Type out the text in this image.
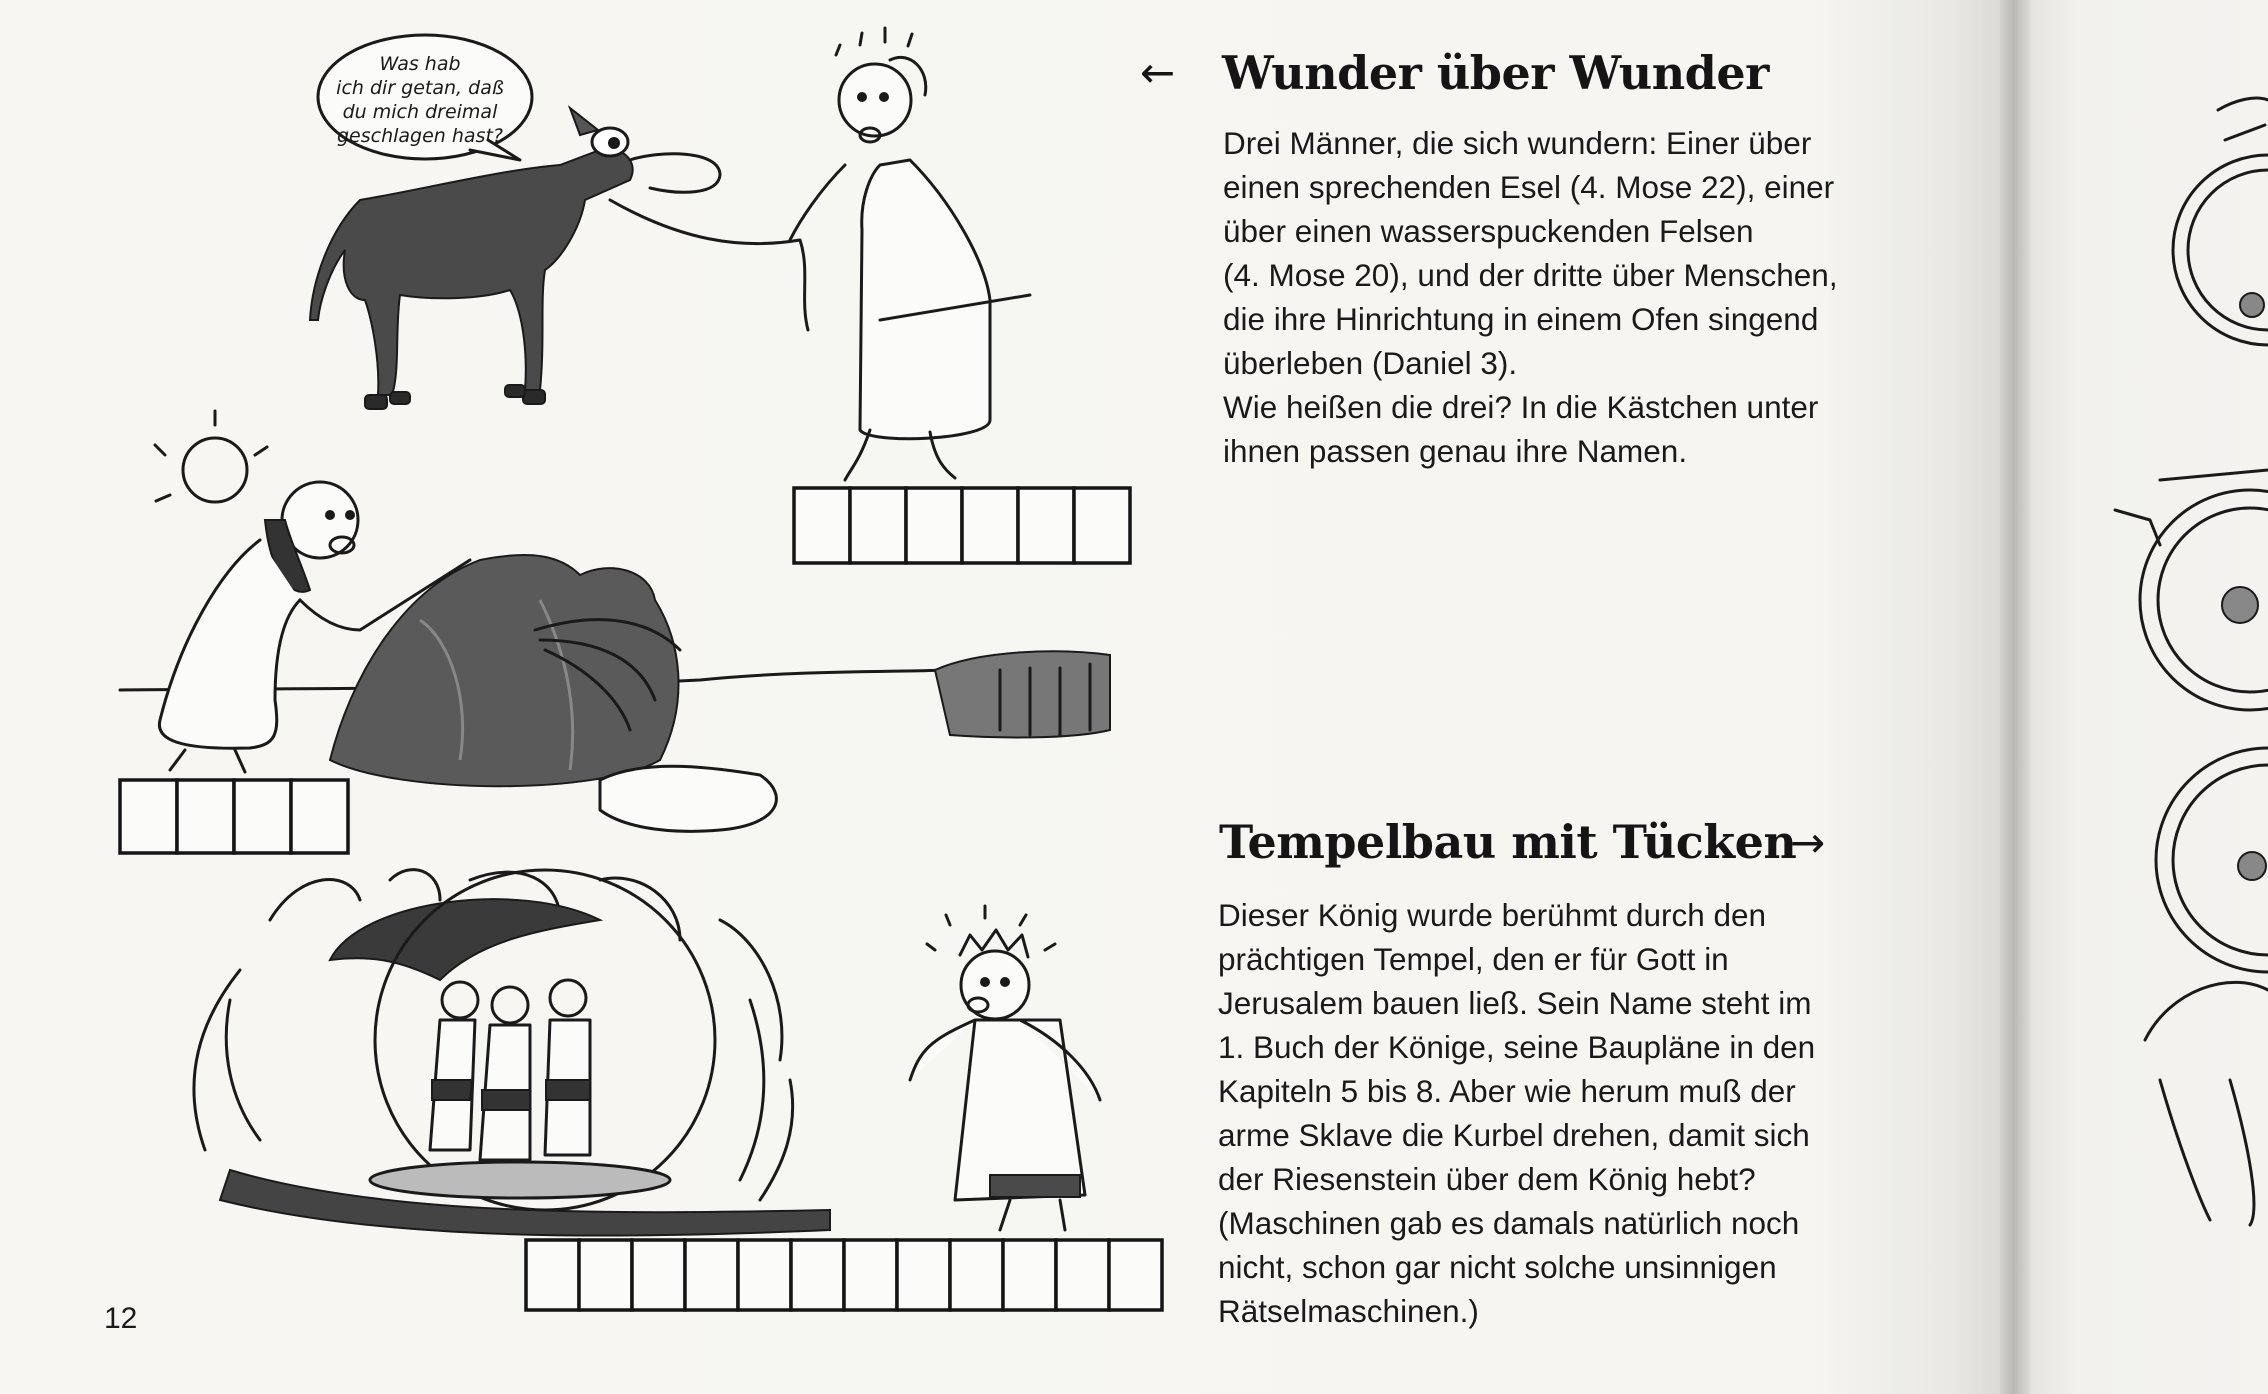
Was hab ich dir getan, daß du mich dreimal geschlagen hast?
← Wunder über Wunder
Drei Männer, die sich wundern: Einer über
einen sprechenden Esel (4. Mose 22), einer
über einen wasserspuckenden Felsen
(4. Mose 20), und der dritte über Menschen,
die ihre Hinrichtung in einem Ofen singend
überleben (Daniel 3).
Wie heißen die drei? In die Kästchen unter
ihnen passen genau ihre Namen.
Tempelbau mit Tücken
→
Dieser König wurde berühmt durch den
prächtigen Tempel, den er für Gott in
Jerusalem bauen ließ. Sein Name steht im
1. Buch der Könige, seine Baupläne in den
Kapiteln 5 bis 8. Aber wie herum muß der
arme Sklave die Kurbel drehen, damit sich
der Riesenstein über dem König hebt?
(Maschinen gab es damals natürlich noch
nicht, schon gar nicht solche unsinnigen
Rätselmaschinen.)
12
